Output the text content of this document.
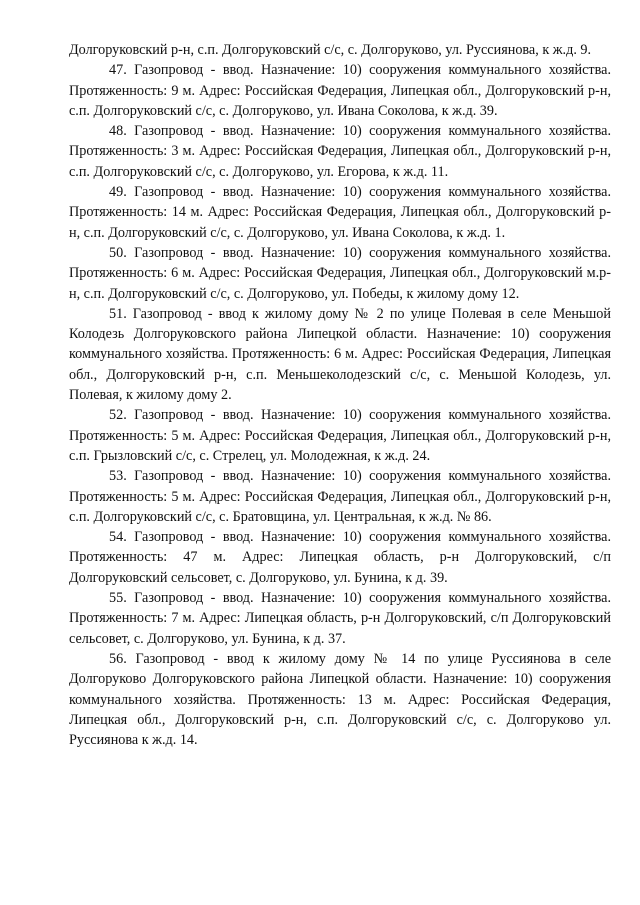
Долгоруковский р-н, с.п. Долгоруковский с/с, с. Долгоруково, ул. Руссиянова, к ж.д. 9.

47. Газопровод - ввод. Назначение: 10) сооружения коммунального хозяйства. Протяженность: 9 м. Адрес: Российская Федерация, Липецкая обл., Долгоруковский р-н, с.п. Долгоруковский с/с, с. Долгоруково, ул. Ивана Соколова, к ж.д. 39.

48. Газопровод - ввод. Назначение: 10) сооружения коммунального хозяйства. Протяженность: 3 м. Адрес: Российская Федерация, Липецкая обл., Долгоруковский р-н, с.п. Долгоруковский с/с, с. Долгоруково, ул. Егорова, к ж.д. 11.

49. Газопровод - ввод. Назначение: 10) сооружения коммунального хозяйства. Протяженность: 14 м. Адрес: Российская Федерация, Липецкая обл., Долгоруковский р-н, с.п. Долгоруковский с/с, с. Долгоруково, ул. Ивана Соколова, к ж.д. 1.

50. Газопровод - ввод. Назначение: 10) сооружения коммунального хозяйства. Протяженность: 6 м. Адрес: Российская Федерация, Липецкая обл., Долгоруковский м.р-н, с.п. Долгоруковский с/с, с. Долгоруково, ул. Победы, к жилому дому 12.

51. Газопровод - ввод к жилому дому № 2 по улице Полевая в селе Меньшой Колодезь Долгоруковского района Липецкой области. Назначение: 10) сооружения коммунального хозяйства. Протяженность: 6 м. Адрес: Российская Федерация, Липецкая обл., Долгоруковский р-н, с.п. Меньшеколодезский с/с, с. Меньшой Колодезь, ул. Полевая, к жилому дому 2.

52. Газопровод - ввод. Назначение: 10) сооружения коммунального хозяйства. Протяженность: 5 м. Адрес: Российская Федерация, Липецкая обл., Долгоруковский р-н, с.п. Грызловский с/с, с. Стрелец, ул. Молодежная, к ж.д. 24.

53. Газопровод - ввод. Назначение: 10) сооружения коммунального хозяйства. Протяженность: 5 м. Адрес: Российская Федерация, Липецкая обл., Долгоруковский р-н, с.п. Долгоруковский с/с, с. Братовщина, ул. Центральная, к ж.д. № 86.

54. Газопровод - ввод. Назначение: 10) сооружения коммунального хозяйства. Протяженность: 47 м. Адрес: Липецкая область, р-н Долгоруковский, с/п Долгоруковский сельсовет, с. Долгоруково, ул. Бунина, к д. 39.

55. Газопровод - ввод. Назначение: 10) сооружения коммунального хозяйства. Протяженность: 7 м. Адрес: Липецкая область, р-н Долгоруковский, с/п Долгоруковский сельсовет, с. Долгоруково, ул. Бунина, к д. 37.

56. Газопровод - ввод к жилому дому № 14 по улице Руссиянова в селе Долгоруково Долгоруковского района Липецкой области. Назначение: 10) сооружения коммунального хозяйства. Протяженность: 13 м. Адрес: Российская Федерация, Липецкая обл., Долгоруковский р-н, с.п. Долгоруковский с/с, с. Долгоруково ул. Руссиянова к ж.д. 14.
